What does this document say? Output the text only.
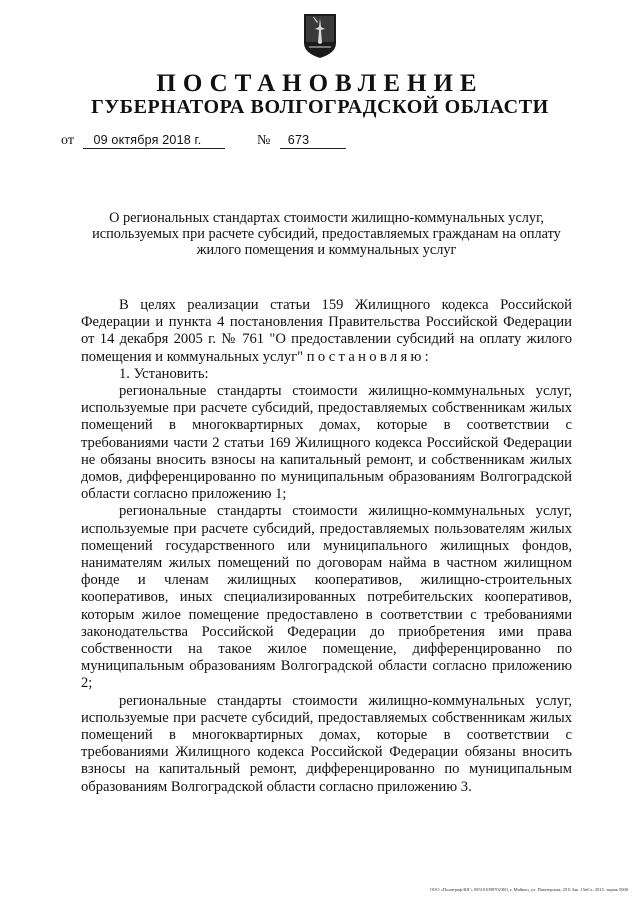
ПОСТАНОВЛЕНИЕ
ГУБЕРНАТОРА ВОЛГОГРАДСКОЙ ОБЛАСТИ
от 09 октября 2018 г.	№ 673
О региональных стандартах стоимости жилищно-коммунальных услуг, используемых при расчете субсидий, предоставляемых гражданам на оплату жилого помещения и коммунальных услуг

В целях реализации статьи 159 Жилищного кодекса Российской Федерации и пункта 4 постановления Правительства Российской Федерации от 14 декабря 2005 г. № 761 "О предоставлении субсидий на оплату жилого помещения и коммунальных услуг" постановляю:

1. Установить:

региональные стандарты стоимости жилищно-коммунальных услуг, используемые при расчете субсидий, предоставляемых собственникам жилых помещений в многоквартирных домах, которые в соответствии с требованиями части 2 статьи 169 Жилищного кодекса Российской Федерации не обязаны вносить взносы на капитальный ремонт, и собственникам жилых домов, дифференцированно по муниципальным образованиям Волгоградской области согласно приложению 1;

региональные стандарты стоимости жилищно-коммунальных услуг, используемые при расчете субсидий, предоставляемых пользователям жилых помещений государственного или муниципального жилищных фондов, нанимателям жилых помещений по договорам найма в частном жилищном фонде и членам жилищных кооперативов, жилищно-строительных кооперативов, иных специализированных потребительских кооперативов, которым жилое помещение предоставлено в соответствии с требованиями законодательства Российской Федерации до приобретения ими права собственности на такое жилое помещение, дифференцированно по муниципальным образованиям Волгоградской области согласно приложению 2;

региональные стандарты стоимости жилищно-коммунальных услуг, используемые при расчете субсидий, предоставляемых собственникам жилых помещений в многоквартирных домах, которые в соответствии с требованиями Жилищного кодекса Российской Федерации обязаны вносить взносы на капитальный ремонт, дифференцированно по муниципальным образованиям Волгоградской области согласно приложению 3.

ООО «Полиграф-ЮГ» 0951010987023Ю, г. Майкоп, ул. Пионерская, 29 Б Зак. 15нСх. 2015. тираж 5000
